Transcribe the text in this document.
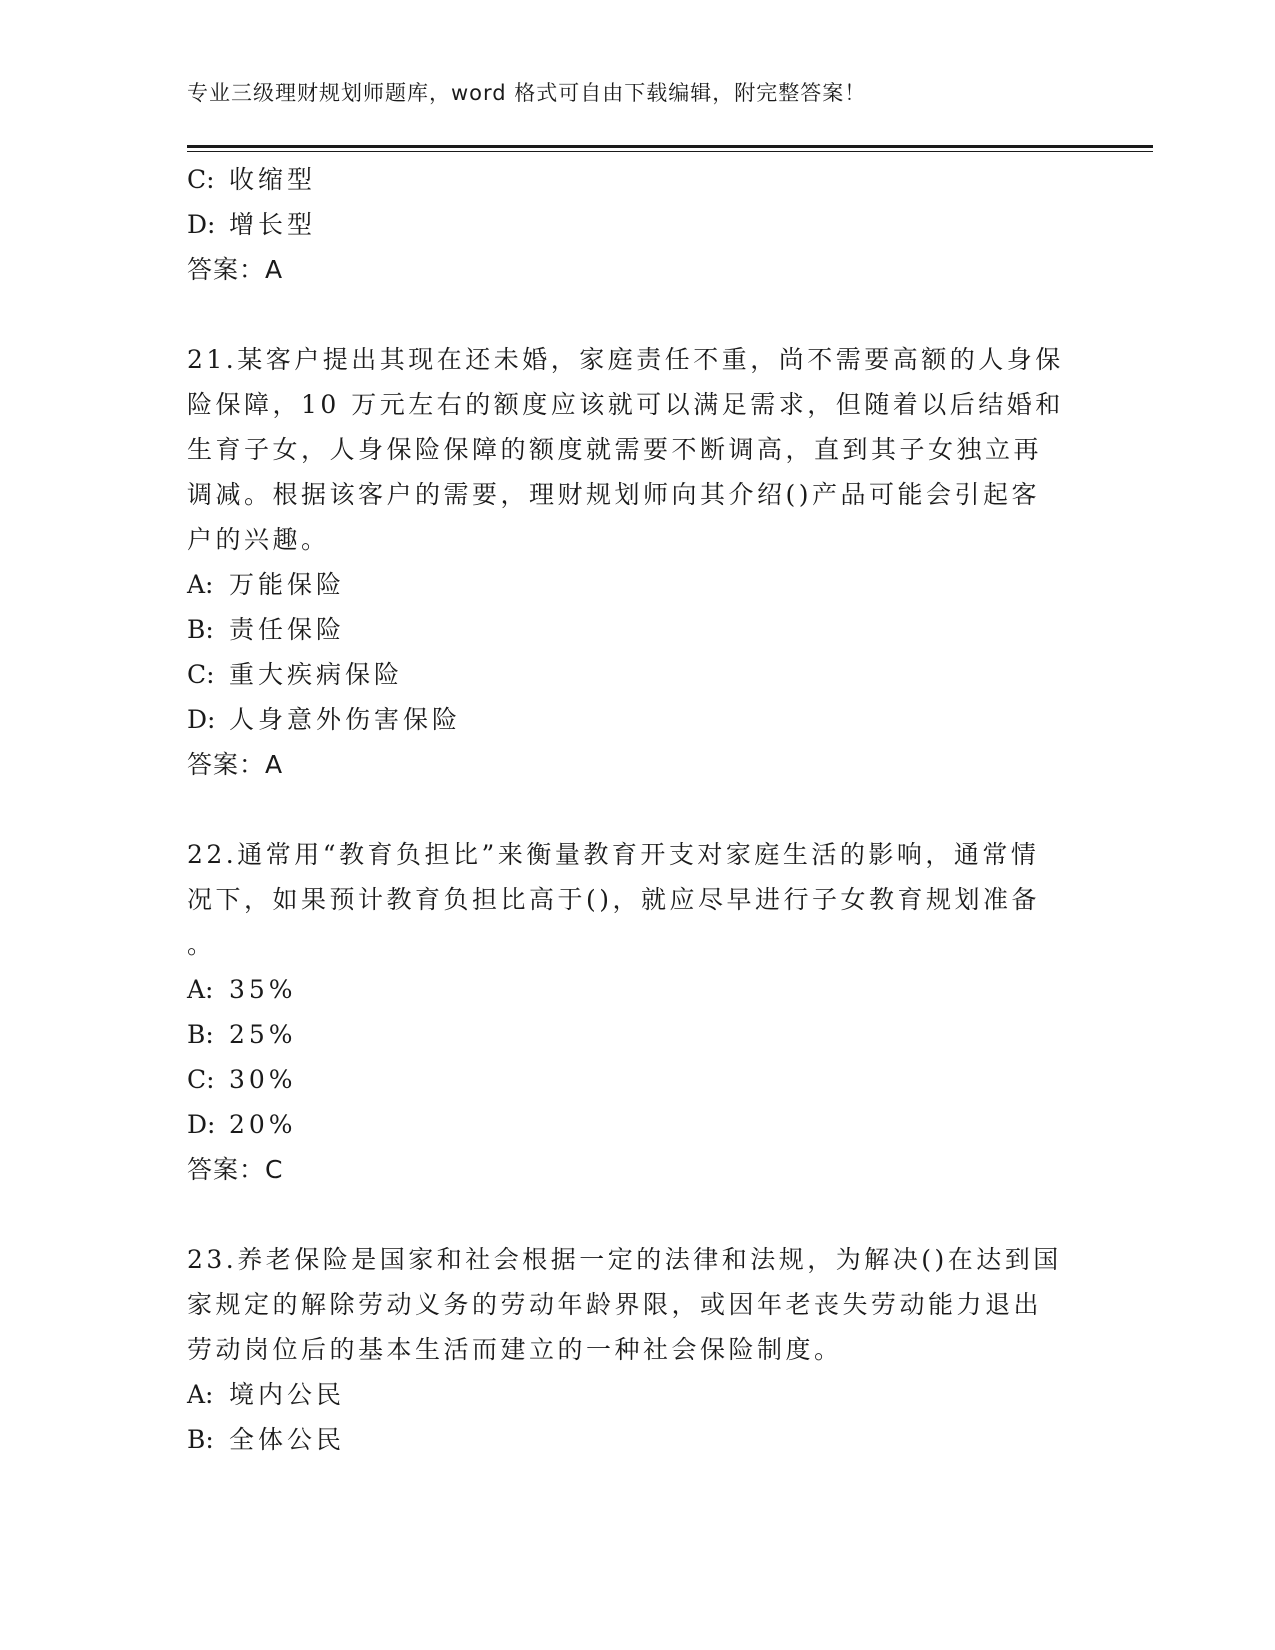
专业三级理财规划师题库，word 格式可自由下载编辑，附完整答案！
C: 收缩型
D: 增长型
答案：A
21.某客户提出其现在还未婚，家庭责任不重，尚不需要高额的人身保
险保障，10 万元左右的额度应该就可以满足需求，但随着以后结婚和
生育子女，人身保险保障的额度就需要不断调高，直到其子女独立再
调减。根据该客户的需要，理财规划师向其介绍()产品可能会引起客
户的兴趣。
A: 万能保险
B: 责任保险
C: 重大疾病保险
D: 人身意外伤害保险
答案：A
22.通常用“教育负担比”来衡量教育开支对家庭生活的影响，通常情
况下，如果预计教育负担比高于()，就应尽早进行子女教育规划准备
。
A: 35%
B: 25%
C: 30%
D: 20%
答案：C
23.养老保险是国家和社会根据一定的法律和法规，为解决()在达到国
家规定的解除劳动义务的劳动年龄界限，或因年老丧失劳动能力退出
劳动岗位后的基本生活而建立的一种社会保险制度。
A: 境内公民
B: 全体公民
